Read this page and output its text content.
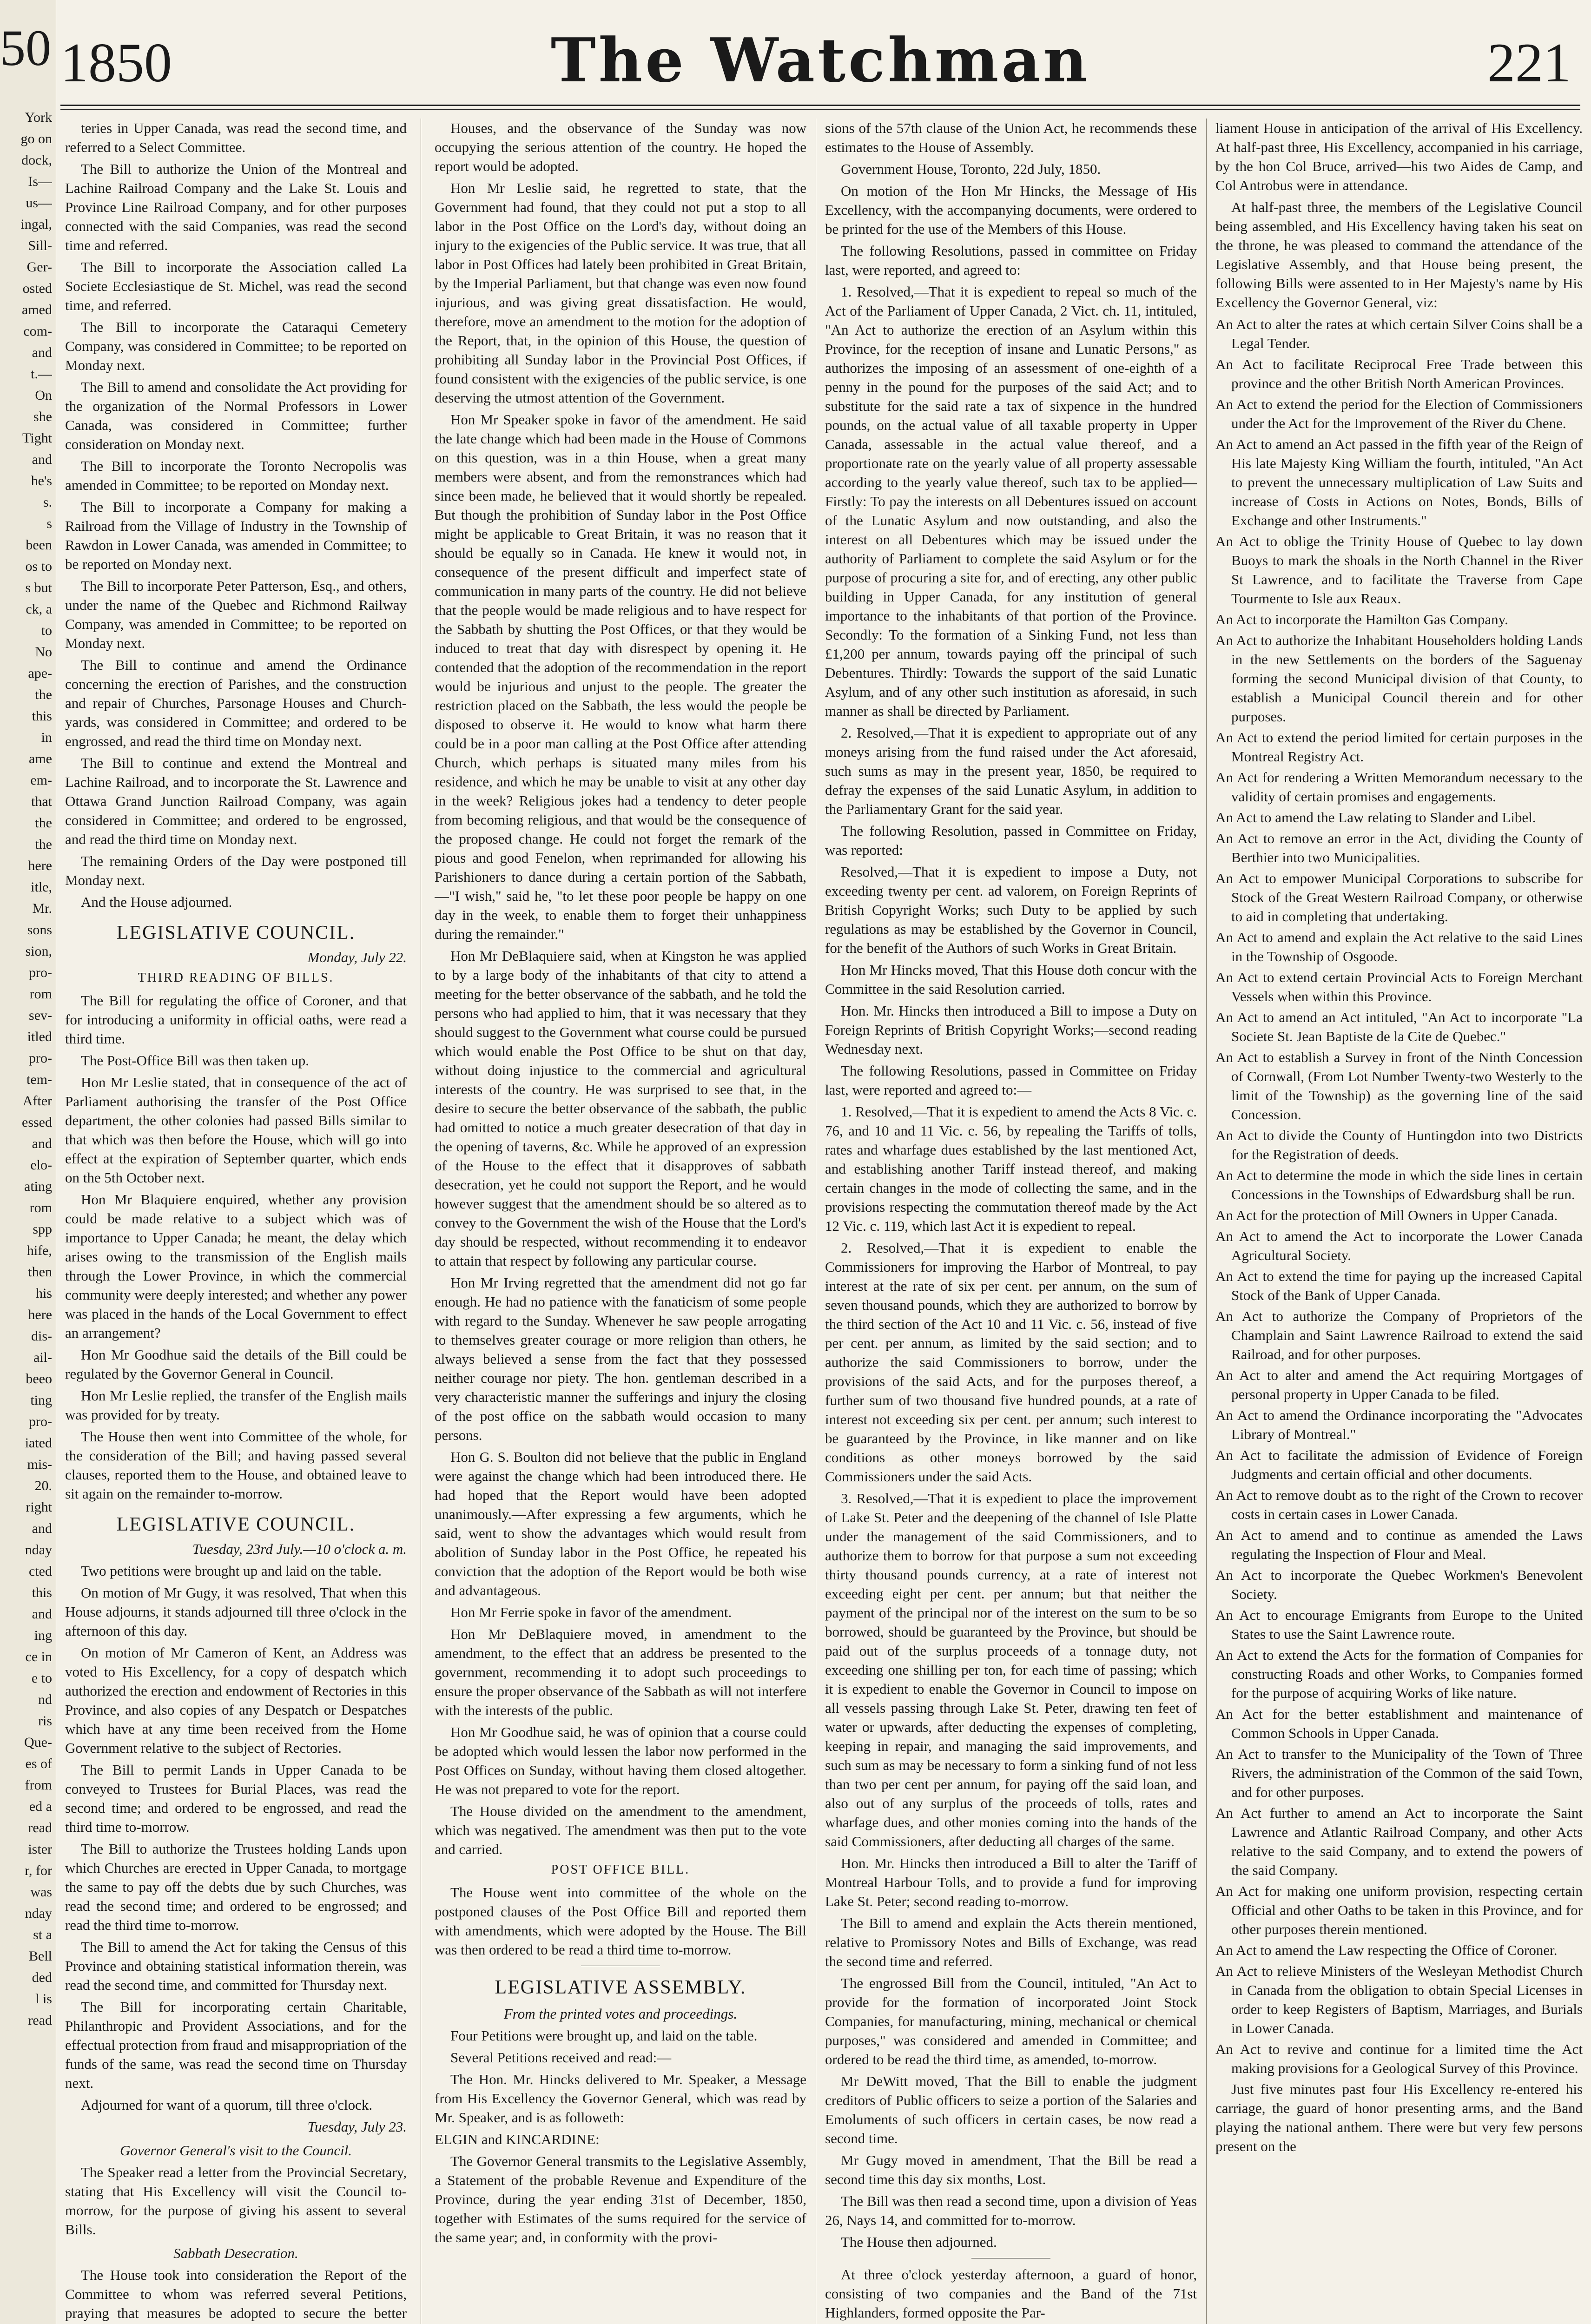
50
York
go on
dock,
Is—
us—
ingal,
Sill-
Ger-
osted
amed
com-
and
t.—
On
she
Tight
and
he's
s.
s
been
os to
s but
ck, a
to
No
ape-
the
this
in
ame
em-
that
the
the
here
itle,
Mr.
sons
sion,
pro-
rom
sev-
itled
pro-
tem-
After
essed
and
elo-
ating
rom
spp
hife,
then
his
here
dis-
ail-
beeo
ting
pro-
iated
mis-
20.
right
and
nday
cted
this
and
ing
ce in
e to
nd
ris
Que-
es of
from
ed a
read
ister
r, for
was
nday
st a
Bell
ded
l is
read
1850	The Watchman	221

teries in Upper Canada, was read the second time, and referred to a Select Committee.

The Bill to authorize the Union of the Montreal and Lachine Railroad Company and the Lake St. Louis and Province Line Railroad Company, and for other purposes connected with the said Companies, was read the second time and referred.

The Bill to incorporate the Association called La Societe Ecclesiastique de St. Michel, was read the second time, and referred.

The Bill to incorporate the Cataraqui Cemetery Company, was considered in Committee; to be reported on Monday next.

The Bill to amend and consolidate the Act providing for the organization of the Normal Professors in Lower Canada, was considered in Committee; further consideration on Monday next.

The Bill to incorporate the Toronto Necropolis was amended in Committee; to be reported on Monday next.

The Bill to incorporate a Company for making a Railroad from the Village of Industry in the Township of Rawdon in Lower Canada, was amended in Committee; to be reported on Monday next.

The Bill to incorporate Peter Patterson, Esq., and others, under the name of the Quebec and Richmond Railway Company, was amended in Committee; to be reported on Monday next.

The Bill to continue and amend the Ordinance concerning the erection of Parishes, and the construction and repair of Churches, Parsonage Houses and Church-yards, was considered in Committee; and ordered to be engrossed, and read the third time on Monday next.

The Bill to continue and extend the Montreal and Lachine Railroad, and to incorporate the St. Lawrence and Ottawa Grand Junction Railroad Company, was again considered in Committee; and ordered to be engrossed, and read the third time on Monday next.

The remaining Orders of the Day were postponed till Monday next.

And the House adjourned.

LEGISLATIVE COUNCIL.
Monday, July 22.
THIRD READING OF BILLS.

The Bill for regulating the office of Coroner, and that for introducing a uniformity in official oaths, were read a third time.

The Post-Office Bill was then taken up.

Hon Mr Leslie stated, that in consequence of the act of Parliament authorising the transfer of the Post Office department, the other colonies had passed Bills similar to that which was then before the House, which will go into effect at the expiration of September quarter, which ends on the 5th October next.

Hon Mr Blaquiere enquired, whether any provision could be made relative to a subject which was of importance to Upper Canada; he meant, the delay which arises owing to the transmission of the English mails through the Lower Province, in which the commercial community were deeply interested; and whether any power was placed in the hands of the Local Government to effect an arrangement?

Hon Mr Goodhue said the details of the Bill could be regulated by the Governor General in Council.

Hon Mr Leslie replied, the transfer of the English mails was provided for by treaty.

The House then went into Committee of the whole, for the consideration of the Bill; and having passed several clauses, reported them to the House, and obtained leave to sit again on the remainder to-morrow.

LEGISLATIVE COUNCIL.
Tuesday, 23rd July.—10 o'clock a. m.

Two petitions were brought up and laid on the table.

On motion of Mr Gugy, it was resolved, That when this House adjourns, it stands adjourned till three o'clock in the afternoon of this day.

On motion of Mr Cameron of Kent, an Address was voted to His Excellency, for a copy of despatch which authorized the erection and endowment of Rectories in this Province, and also copies of any Despatch or Despatches which have at any time been received from the Home Government relative to the subject of Rectories.

The Bill to permit Lands in Upper Canada to be conveyed to Trustees for Burial Places, was read the second time; and ordered to be engrossed, and read the third time to-morrow.

The Bill to authorize the Trustees holding Lands upon which Churches are erected in Upper Canada, to mortgage the same to pay off the debts due by such Churches, was read the second time; and ordered to be engrossed; and read the third time to-morrow.

The Bill to amend the Act for taking the Census of this Province and obtaining statistical information therein, was read the second time, and committed for Thursday next.

The Bill for incorporating certain Charitable, Philanthropic and Provident Associations, and for the effectual protection from fraud and misappropriation of the funds of the same, was read the second time on Thursday next.

Adjourned for want of a quorum, till three o'clock.

Tuesday, July 23.
Governor General's visit to the Council.

The Speaker read a letter from the Provincial Secretary, stating that His Excellency will visit the Council to-morrow, for the purpose of giving his assent to several Bills.

Sabbath Desecration.

The House took into consideration the Report of the Committee to whom was referred several Petitions, praying that measures be adopted to secure the better

Houses, and the observance of the Sunday was now occupying the serious attention of the country. He hoped the report would be adopted.

Hon Mr Leslie said, he regretted to state, that the Government had found, that they could not put a stop to all labor in the Post Office on the Lord's day, without doing an injury to the exigencies of the Public service. It was true, that all labor in Post Offices had lately been prohibited in Great Britain, by the Imperial Parliament, but that change was even now found injurious, and was giving great dissatisfaction. He would, therefore, move an amendment to the motion for the adoption of the Report, that, in the opinion of this House, the question of prohibiting all Sunday labor in the Provincial Post Offices, if found consistent with the exigencies of the public service, is one deserving the utmost attention of the Government.

Hon Mr Speaker spoke in favor of the amendment. He said the late change which had been made in the House of Commons on this question, was in a thin House, when a great many members were absent, and from the remonstrances which had since been made, he believed that it would shortly be repealed. But though the prohibition of Sunday labor in the Post Office might be applicable to Great Britain, it was no reason that it should be equally so in Canada. He knew it would not, in consequence of the present difficult and imperfect state of communication in many parts of the country. He did not believe that the people would be made religious and to have respect for the Sabbath by shutting the Post Offices, or that they would be induced to treat that day with disrespect by opening it. He contended that the adoption of the recommendation in the report would be injurious and unjust to the people. The greater the restriction placed on the Sabbath, the less would the people be disposed to observe it. He would to know what harm there could be in a poor man calling at the Post Office after attending Church, which perhaps is situated many miles from his residence, and which he may be unable to visit at any other day in the week? Religious jokes had a tendency to deter people from becoming religious, and that would be the consequence of the proposed change. He could not forget the remark of the pious and good Fenelon, when reprimanded for allowing his Parishioners to dance during a certain portion of the Sabbath,—"I wish," said he, "to let these poor people be happy on one day in the week, to enable them to forget their unhappiness during the remainder."

Hon Mr DeBlaquiere said, when at Kingston he was applied to by a large body of the inhabitants of that city to attend a meeting for the better observance of the sabbath, and he told the persons who had applied to him, that it was necessary that they should suggest to the Government what course could be pursued which would enable the Post Office to be shut on that day, without doing injustice to the commercial and agricultural interests of the country. He was surprised to see that, in the desire to secure the better observance of the sabbath, the public had omitted to notice a much greater desecration of that day in the opening of taverns, &c. While he approved of an expression of the House to the effect that it disapproves of sabbath desecration, yet he could not support the Report, and he would however suggest that the amendment should be so altered as to convey to the Government the wish of the House that the Lord's day should be respected, without recommending it to endeavor to attain that respect by following any particular course.

Hon Mr Irving regretted that the amendment did not go far enough. He had no patience with the fanaticism of some people with regard to the Sunday. Whenever he saw people arrogating to themselves greater courage or more religion than others, he always believed a sense from the fact that they possessed neither courage nor piety. The hon. gentleman described in a very characteristic manner the sufferings and injury the closing of the post office on the sabbath would occasion to many persons.

Hon G. S. Boulton did not believe that the public in England were against the change which had been introduced there. He had hoped that the Report would have been adopted unanimously.—After expressing a few arguments, which he said, went to show the advantages which would result from abolition of Sunday labor in the Post Office, he repeated his conviction that the adoption of the Report would be both wise and advantageous.

Hon Mr Ferrie spoke in favor of the amendment.

Hon Mr DeBlaquiere moved, in amendment to the amendment, to the effect that an address be presented to the government, recommending it to adopt such proceedings to ensure the proper observance of the Sabbath as will not interfere with the interests of the public.

Hon Mr Goodhue said, he was of opinion that a course could be adopted which would lessen the labor now performed in the Post Offices on Sunday, without having them closed altogether. He was not prepared to vote for the report.

The House divided on the amendment to the amendment, which was negatived. The amendment was then put to the vote and carried.

POST OFFICE BILL.

The House went into committee of the whole on the postponed clauses of the Post Office Bill and reported them with amendments, which were adopted by the House. The Bill was then ordered to be read a third time to-morrow.

LEGISLATIVE ASSEMBLY.
From the printed votes and proceedings.

Four Petitions were brought up, and laid on the table.

Several Petitions received and read:—

The Hon. Mr. Hincks delivered to Mr. Speaker, a Message from His Excellency the Governor General, which was read by Mr. Speaker, and is as followeth:

ELGIN and KINCARDINE:

The Governor General transmits to the Legislative Assembly, a Statement of the probable Revenue and Expenditure of the Province, during the year ending 31st of December, 1850, together with Estimates of the sums required for the service of the same year; and, in conformity with the provi-

sions of the 57th clause of the Union Act, he recommends these estimates to the House of Assembly.

Government House, Toronto, 22d July, 1850.

On motion of the Hon Mr Hincks, the Message of His Excellency, with the accompanying documents, were ordered to be printed for the use of the Members of this House.

The following Resolutions, passed in committee on Friday last, were reported, and agreed to:

1. Resolved,—That it is expedient to repeal so much of the Act of the Parliament of Upper Canada, 2 Vict. ch. 11, intituled, "An Act to authorize the erection of an Asylum within this Province, for the reception of insane and Lunatic Persons," as authorizes the imposing of an assessment of one-eighth of a penny in the pound for the purposes of the said Act; and to substitute for the said rate a tax of sixpence in the hundred pounds, on the actual value of all taxable property in Upper Canada, assessable in the actual value thereof, and a proportionate rate on the yearly value of all property assessable according to the yearly value thereof, such tax to be applied—Firstly: To pay the interests on all Debentures issued on account of the Lunatic Asylum and now outstanding, and also the interest on all Debentures which may be issued under the authority of Parliament to complete the said Asylum or for the purpose of procuring a site for, and of erecting, any other public building in Upper Canada, for any institution of general importance to the inhabitants of that portion of the Province. Secondly: To the formation of a Sinking Fund, not less than £1,200 per annum, towards paying off the principal of such Debentures. Thirdly: Towards the support of the said Lunatic Asylum, and of any other such institution as aforesaid, in such manner as shall be directed by Parliament.

2. Resolved,—That it is expedient to appropriate out of any moneys arising from the fund raised under the Act aforesaid, such sums as may in the present year, 1850, be required to defray the expenses of the said Lunatic Asylum, in addition to the Parliamentary Grant for the said year.

The following Resolution, passed in Committee on Friday, was reported:

Resolved,—That it is expedient to impose a Duty, not exceeding twenty per cent. ad valorem, on Foreign Reprints of British Copyright Works; such Duty to be applied by such regulations as may be established by the Governor in Council, for the benefit of the Authors of such Works in Great Britain.

Hon Mr Hincks moved, That this House doth concur with the Committee in the said Resolution carried.

Hon. Mr. Hincks then introduced a Bill to impose a Duty on Foreign Reprints of British Copyright Works;—second reading Wednesday next.

The following Resolutions, passed in Committee on Friday last, were reported and agreed to:—

1. Resolved,—That it is expedient to amend the Acts 8 Vic. c. 76, and 10 and 11 Vic. c. 56, by repealing the Tariffs of tolls, rates and wharfage dues established by the last mentioned Act, and establishing another Tariff instead thereof, and making certain changes in the mode of collecting the same, and in the provisions respecting the commutation thereof made by the Act 12 Vic. c. 119, which last Act it is expedient to repeal.

2. Resolved,—That it is expedient to enable the Commissioners for improving the Harbor of Montreal, to pay interest at the rate of six per cent. per annum, on the sum of seven thousand pounds, which they are authorized to borrow by the third section of the Act 10 and 11 Vic. c. 56, instead of five per cent. per annum, as limited by the said section; and to authorize the said Commissioners to borrow, under the provisions of the said Acts, and for the purposes thereof, a further sum of two thousand five hundred pounds, at a rate of interest not exceeding six per cent. per annum; such interest to be guaranteed by the Province, in like manner and on like conditions as other moneys borrowed by the said Commissioners under the said Acts.

3. Resolved,—That it is expedient to place the improvement of Lake St. Peter and the deepening of the channel of Isle Platte under the management of the said Commissioners, and to authorize them to borrow for that purpose a sum not exceeding thirty thousand pounds currency, at a rate of interest not exceeding eight per cent. per annum; but that neither the payment of the principal nor of the interest on the sum to be so borrowed, should be guaranteed by the Province, but should be paid out of the surplus proceeds of a tonnage duty, not exceeding one shilling per ton, for each time of passing; which it is expedient to enable the Governor in Council to impose on all vessels passing through Lake St. Peter, drawing ten feet of water or upwards, after deducting the expenses of completing, keeping in repair, and managing the said improvements, and such sum as may be necessary to form a sinking fund of not less than two per cent per annum, for paying off the said loan, and also out of any surplus of the proceeds of tolls, rates and wharfage dues, and other monies coming into the hands of the said Commissioners, after deducting all charges of the same.

Hon. Mr. Hincks then introduced a Bill to alter the Tariff of Montreal Harbour Tolls, and to provide a fund for improving Lake St. Peter; second reading to-morrow.

The Bill to amend and explain the Acts therein mentioned, relative to Promissory Notes and Bills of Exchange, was read the second time and referred.

The engrossed Bill from the Council, intituled, "An Act to provide for the formation of incorporated Joint Stock Companies, for manufacturing, mining, mechanical or chemical purposes," was considered and amended in Committee; and ordered to be read the third time, as amended, to-morrow.

Mr DeWitt moved, That the Bill to enable the judgment creditors of Public officers to seize a portion of the Salaries and Emoluments of such officers in certain cases, be now read a second time.

Mr Gugy moved in amendment, That the Bill be read a second time this day six months, Lost.

The Bill was then read a second time, upon a division of Yeas 26, Nays 14, and committed for to-morrow.

The House then adjourned.

At three o'clock yesterday afternoon, a guard of honor, consisting of two companies and the Band of the 71st Highlanders, formed opposite the Par-

liament House in anticipation of the arrival of His Excellency. At half-past three, His Excellency, accompanied in his carriage, by the hon Col Bruce, arrived—his two Aides de Camp, and Col Antrobus were in attendance.

At half-past three, the members of the Legislative Council being assembled, and His Excellency having taken his seat on the throne, he was pleased to command the attendance of the Legislative Assembly, and that House being present, the following Bills were assented to in Her Majesty's name by His Excellency the Governor General, viz:

An Act to alter the rates at which certain Silver Coins shall be a Legal Tender.
An Act to facilitate Reciprocal Free Trade between this province and the other British North American Provinces.
An Act to extend the period for the Election of Commissioners under the Act for the Improvement of the River du Chene.
An Act to amend an Act passed in the fifth year of the Reign of His late Majesty King William the fourth, intituled, "An Act to prevent the unnecessary multiplication of Law Suits and increase of Costs in Actions on Notes, Bonds, Bills of Exchange and other Instruments."
An Act to oblige the Trinity House of Quebec to lay down Buoys to mark the shoals in the North Channel in the River St Lawrence, and to facilitate the Traverse from Cape Tourmente to Isle aux Reaux.
An Act to incorporate the Hamilton Gas Company.
An Act to authorize the Inhabitant Householders holding Lands in the new Settlements on the borders of the Saguenay forming the second Municipal division of that County, to establish a Municipal Council therein and for other purposes.
An Act to extend the period limited for certain purposes in the Montreal Registry Act.
An Act for rendering a Written Memorandum necessary to the validity of certain promises and engagements.
An Act to amend the Law relating to Slander and Libel.
An Act to remove an error in the Act, dividing the County of Berthier into two Municipalities.
An Act to empower Municipal Corporations to subscribe for Stock of the Great Western Railroad Company, or otherwise to aid in completing that undertaking.
An Act to amend and explain the Act relative to the said Lines in the Township of Osgoode.
An Act to extend certain Provincial Acts to Foreign Merchant Vessels when within this Province.
An Act to amend an Act intituled, "An Act to incorporate "La Societe St. Jean Baptiste de la Cite de Quebec."
An Act to establish a Survey in front of the Ninth Concession of Cornwall, (From Lot Number Twenty-two Westerly to the limit of the Township) as the governing line of the said Concession.
An Act to divide the County of Huntingdon into two Districts for the Registration of deeds.
An Act to determine the mode in which the side lines in certain Concessions in the Townships of Edwardsburg shall be run.
An Act for the protection of Mill Owners in Upper Canada.
An Act to amend the Act to incorporate the Lower Canada Agricultural Society.
An Act to extend the time for paying up the increased Capital Stock of the Bank of Upper Canada.
An Act to authorize the Company of Proprietors of the Champlain and Saint Lawrence Railroad to extend the said Railroad, and for other purposes.
An Act to alter and amend the Act requiring Mortgages of personal property in Upper Canada to be filed.
An Act to amend the Ordinance incorporating the "Advocates Library of Montreal."
An Act to facilitate the admission of Evidence of Foreign Judgments and certain official and other documents.
An Act to remove doubt as to the right of the Crown to recover costs in certain cases in Lower Canada.
An Act to amend and to continue as amended the Laws regulating the Inspection of Flour and Meal.
An Act to incorporate the Quebec Workmen's Benevolent Society.
An Act to encourage Emigrants from Europe to the United States to use the Saint Lawrence route.
An Act to extend the Acts for the formation of Companies for constructing Roads and other Works, to Companies formed for the purpose of acquiring Works of like nature.
An Act for the better establishment and maintenance of Common Schools in Upper Canada.
An Act to transfer to the Municipality of the Town of Three Rivers, the administration of the Common of the said Town, and for other purposes.
An Act further to amend an Act to incorporate the Saint Lawrence and Atlantic Railroad Company, and other Acts relative to the said Company, and to extend the powers of the said Company.
An Act for making one uniform provision, respecting certain Official and other Oaths to be taken in this Province, and for other purposes therein mentioned.
An Act to amend the Law respecting the Office of Coroner.
An Act to relieve Ministers of the Wesleyan Methodist Church in Canada from the obligation to obtain Special Licenses in order to keep Registers of Baptism, Marriages, and Burials in Lower Canada.
An Act to revive and continue for a limited time the Act making provisions for a Geological Survey of this Province.

Just five minutes past four His Excellency re-entered his carriage, the guard of honor presenting arms, and the Band playing the national anthem. There were but very few persons present on the
